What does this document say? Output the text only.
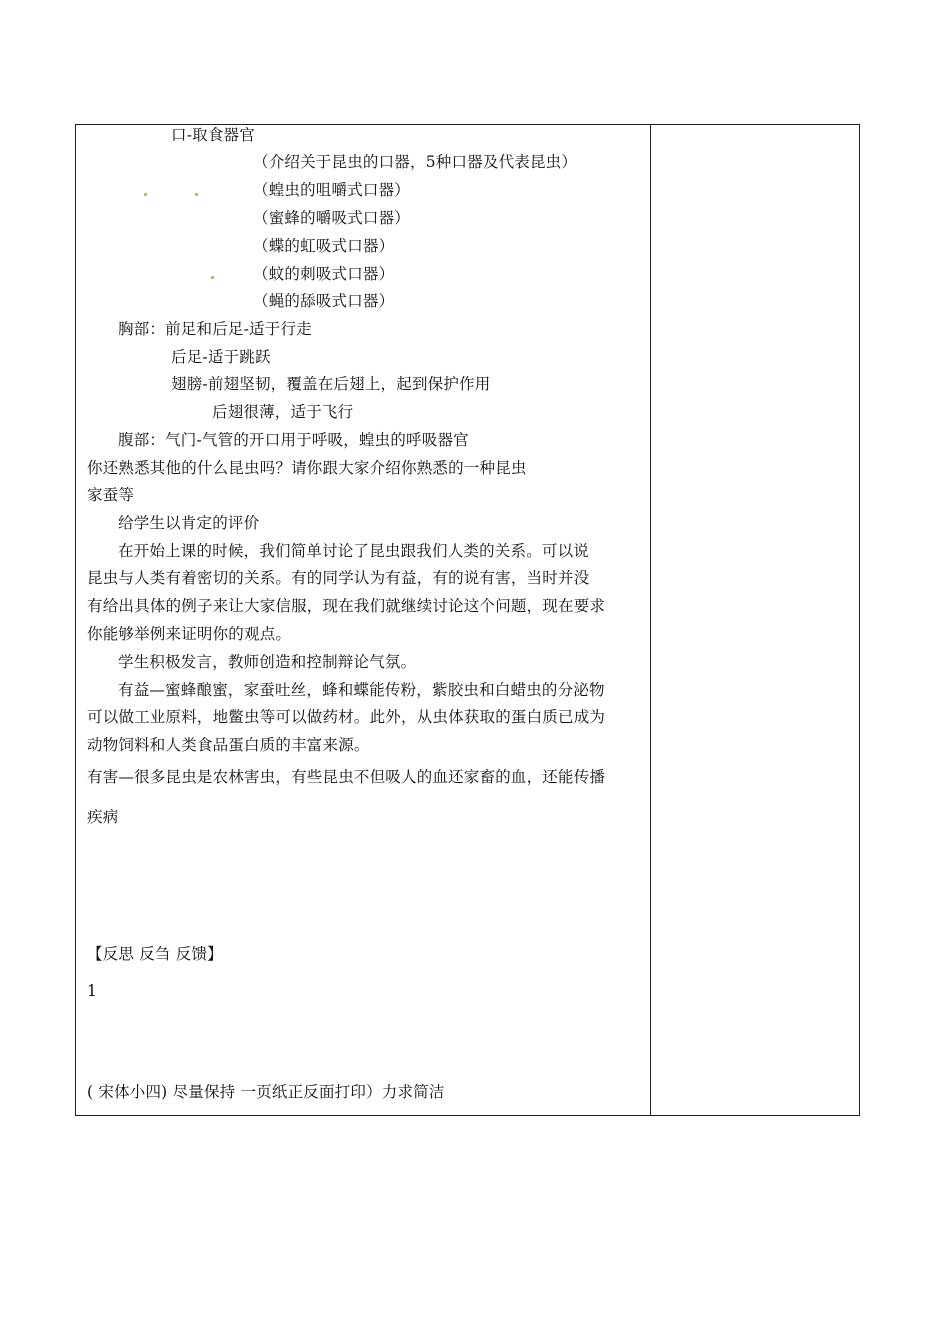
口-取食器官
（介绍关于昆虫的口器，5种口器及代表昆虫）
（蝗虫的咀嚼式口器）
（蜜蜂的嚼吸式口器）
（蝶的虹吸式口器）
（蚊的刺吸式口器）
（蝇的舔吸式口器）
胸部：前足和后足-适于行走
后足-适于跳跃
翅膀-前翅坚韧，覆盖在后翅上，起到保护作用
后翅很薄，适于飞行
腹部：气门-气管的开口用于呼吸，蝗虫的呼吸器官
你还熟悉其他的什么昆虫吗？请你跟大家介绍你熟悉的一种昆虫
家蚕等
给学生以肯定的评价
在开始上课的时候，我们简单讨论了昆虫跟我们人类的关系。可以说
昆虫与人类有着密切的关系。有的同学认为有益，有的说有害，当时并没
有给出具体的例子来让大家信服，现在我们就继续讨论这个问题，现在要求
你能够举例来证明你的观点。
学生积极发言，教师创造和控制辩论气氛。
有益—蜜蜂酿蜜，家蚕吐丝，蜂和蝶能传粉，紫胶虫和白蜡虫的分泌物
可以做工业原料，地鳖虫等可以做药材。此外，从虫体获取的蛋白质已成为
动物饲料和人类食品蛋白质的丰富来源。
有害—很多昆虫是农林害虫，有些昆虫不但吸人的血还家畜的血，还能传播
疾病
【反思 反刍 反馈】
1
( 宋体小四) 尽量保持 一页纸正反面打印）力求简洁
